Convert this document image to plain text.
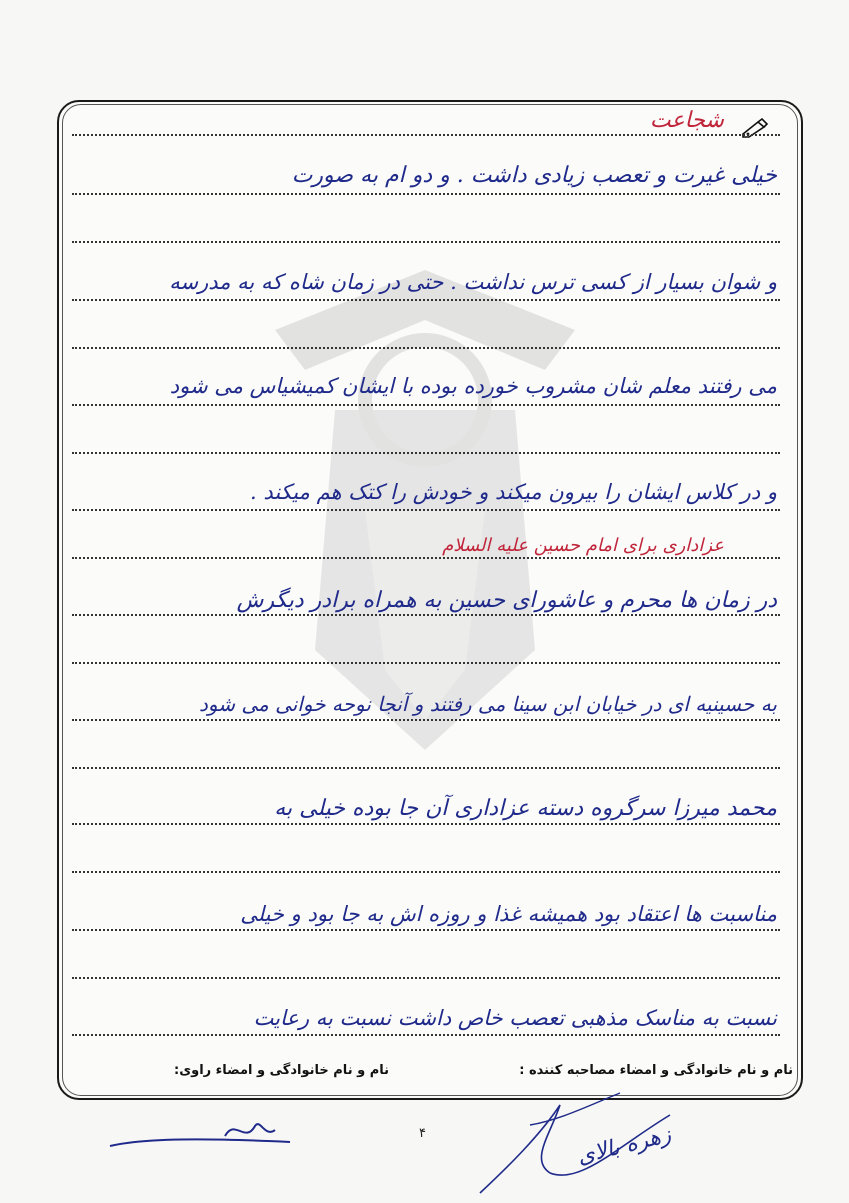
شجاعت
خیلی غیرت و تعصب زیادی داشت . و دو ام به صورت
و شوان بسیار از کسی ترس نداشت . حتی در زمان شاه که به مدرسه
می رفتند معلم شان مشروب خورده بوده با ایشان کمیشیاس می شود
و در کلاس ایشان را بیرون میکند و خودش را کتک هم میکند .
عزاداری برای امام حسین علیه السلام
در زمان ها محرم و عاشورای حسین به همراه برادر دیگرش
به حسینیه ای در خیابان ابن سینا می رفتند و آنجا نوحه خوانی می شود
محمد میرزا سرگروه دسته عزاداری آن جا بوده خیلی به
مناسبت ها اعتقاد بود همیشه غذا و روزه اش به جا بود و خیلی
نسبت به مناسک مذهبی تعصب خاص داشت نسبت به رعایت
نام و نام خانوادگی و امضاء مصاحبه کننده :
نام و نام خانوادگی و امضاء راوی:
۴	زهره بالای
